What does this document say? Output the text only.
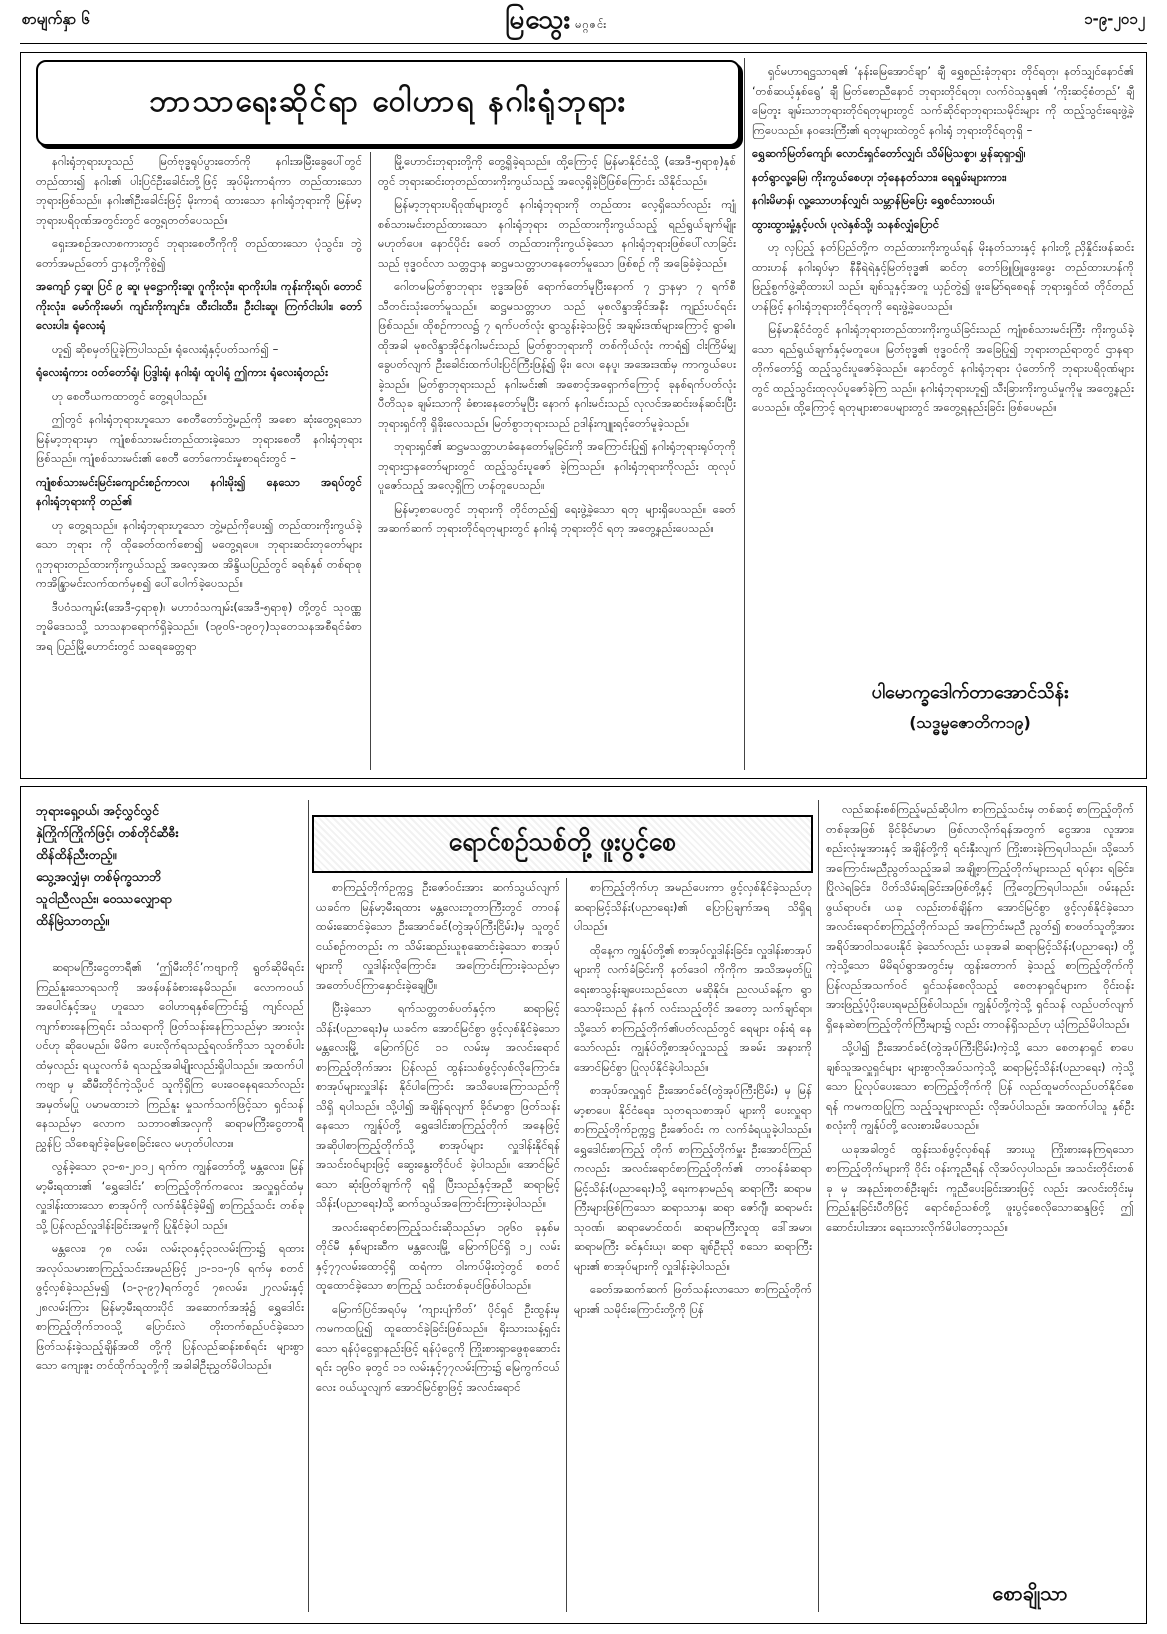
စာမျက်နှာ ၆	မြသွေး မဂ္ဂဇင်း	၁-၉-၂၀၁၂
ဘာသာရေးဆိုင်ရာ ဝေါဟာရ နဂါးရုံဘုရား

နဂါးရုံဘုရားဟူသည် မြတ်ဗုဒ္ဓရုပ်ပွားတော်ကို နဂါးအမြီးခွေပေါ်တွင်တည်ထား၍ နဂါး၏ ပါးပြင်ဦးခေါင်းတို့ဖြင့် အုပ်မိုးကာရံကာ တည်ထားသောဘုရားဖြစ်သည်။ နဂါး၏ဦးခေါင်းဖြင့် မိုးကာရံ ထားသော နဂါးရုံဘုရားကို မြန်မာ့ဘုရားပရိဝုဏ်အတွင်းတွင် တွေ့ရတတ်ပေသည်။

ရှေးအစဉ်အလာစကားတွင် ဘုရားစေတီကိုကို တည်ထားသော ပုံသွင်း၊ ဘွဲ့တော်အမည်တော် ဌာနတို့ကိုစွဲ၍

အကျော် ၄ဆူ၊ ပြင် ၉ ဆူ၊ မုဋ္ဌောကိုးဆူ၊ ဂူကိုးလုံး၊ ရာကိုးပါး၊ ကုန်းကိုးရပ်၊ တောင်ကိုးလုံး၊ မော်ကိုးမော်၊ ကျင်းကိုးကျင်း၊ ထီးငါးထီး၊ ဦးငါးဆူ၊ ကြက်ငါးပါး၊ တော်လေးပါး၊ ရုံလေးရုံ

ဟူ၍ ဆိုစမှတ်ပြုခဲ့ကြပါသည်။ ရုံလေးရုံနှင့်ပတ်သက်၍ –

ရုံလေးရုံကား ဝတ်တော်ရုံ၊ ပြဒ္ဒါးရုံ၊ နဂါးရုံ၊ ထူပါရုံ ဤကား ရုံလေးရုံတည်း

ဟု စေတီယကထာတွင် တွေ့ရပါသည်။

ဤတွင် နဂါးရုံဘုရားဟူသော စေတီတော်ဘွဲ့မည်ကို အစော ဆုံးတွေ့ရသော မြန်မာ့ဘုရားမှာ ကျုံစစ်သားမင်းတည်ထားခဲ့သော ဘုရားစေတီ နဂါးရုံဘုရားဖြစ်သည်။ ကျုံစစ်သားမင်း၏ စေတီ တော်ကောင်းမှုစာရင်းတွင် –

ကျုံစစ်သားမင်းမြင်းကျောင်းစဉ်ကာလ၊ နဂါးမိုး၍ နေသော အရပ်တွင် နဂါးရုံဘုရားကို တည်၏

ဟု တွေ့ရသည်။ နဂါးရုံဘုရားဟူသော ဘွဲ့မည်ကိုပေး၍ တည်ထားကိုးကွယ်ခဲ့သော ဘုရား ကို ထိုခေတ်ထက်စော၍ မတွေ့ရပေ။ ဘုရားဆင်းတုတော်များ ဂူဘုရားတည်ထားကိုးကွယ်သည့် အလေ့အထ အိန္ဒိယပြည်တွင် ခရစ်နှစ် တစ်ရာစု ကအိန္ဒြာမင်းလက်ထက်မှစ၍ ပေါ်ပေါက်ခဲ့ပေသည်။

ဒီပဝံသကျမ်း(အေဒီ-၄ရာစု)၊ မဟာဝံသကျမ်း(အေဒီ-၅ရာစု) တို့တွင် သုဝဏ္ဏဘူမိဒေသသို့ သာသနာရောက်ရှိခဲ့သည်။ (၁၉၀၆-၁၉၀၇)သုတေသနအစီရင်ခံစာအရ ပြည်မြို့ဟောင်းတွင် သရေခေတ္တရာ

မြို့ဟောင်းဘုရားတို့ကို တွေ့ရှိခဲ့ရသည်။ ထို့ကြောင့် မြန်မာနိုင်ငံသို့ (အေဒီ-၅ရာစု)နှစ်တွင် ဘုရားဆင်းတုတည်ထားကိုးကွယ်သည့် အလေ့ရှိခဲ့ပြီဖြစ်ကြောင်း သိနိုင်သည်။

မြန်မာ့ဘုရားပရိဝုဏ်များတွင် နဂါးရုံဘုရားကို တည်ထား လေ့ရှိသော်လည်း ကျုံစစ်သားမင်းတည်ထားသော နဂါးရုံဘုရား တည်ထားကိုးကွယ်သည့် ရည်ရွယ်ချက်မျိုးမဟုတ်ပေ။ နောင်ပိုင်း ခေတ် တည်ထားကိုးကွယ်ခဲ့သော နဂါးရုံဘုရားဖြစ်ပေါ်လာခြင်း သည် ဗုဒ္ဓဝင်လာ သတ္တဌာန ဆဋ္ဌမသတ္တာဟနေတော်မူသော ဖြစ်စဉ် ကို အခြေခံခဲ့သည်။

ဂေါတမမြတ်စွာဘုရား ဗုဒ္ဓအဖြစ် ရောက်တော်မူပြီးနောက် ၇ ဌာနမှာ ၇ ရက်စီ သီတင်းသုံးတော်မူသည်။ ဆဋ္ဌမသတ္တာဟ သည် မုစလိန္ဒာအိုင်အနီး ကျည်းပင်ရင်းဖြစ်သည်။ ထိုစဉ်ကာလ၌ ၇ ရက်ပတ်လုံး ရွာသွန်းခဲ့သဖြင့် အချမ်းဒဏ်များကြောင့် ရွာဓါ။ ထိုအခါ မုစလိန္ဒာအိုင်နဂါးမင်းသည် မြတ်စွာဘုရားကို တစ်ကိုယ်လုံး ကာရံ၍ ငါးကြိမ်မျှ ခွေပတ်လျက် ဦးခေါင်းထက်ပါးပြင်ကြီးဖြန့်၍ မိုး၊ လေ၊ နေပူ၊ အအေးဒဏ်မှ ကာကွယ်ပေးခဲ့သည်။ မြတ်စွာဘုရားသည် နဂါးမင်း၏ အစောင့်အရှောက်ကြောင့် ခုနစ်ရက်ပတ်လုံး ပီတိသုခ ချမ်းသာကို ခံစားနေတော်မူပြီး နောက် နဂါးမင်းသည် လုလင်အဆင်းဖန်ဆင်းပြီး ဘုရားရှင်ကို ရှိခိုးလေသည်။ မြတ်စွာဘုရားသည် ဥဒါန်းကျူးရင့်တော်မူခဲ့သည်။

ဘုရားရှင်၏ ဆဋ္ဌမသတ္တာဟခံနေတော်မူခြင်းကို အကြောင်းပြု၍ နဂါးရုံဘုရားရုပ်တုကို ဘုရားဌာနတော်များတွင် ထည့်သွင်းပူဇော် ခဲ့ကြသည်။ နဂါးရုံဘုရားကိုလည်း ထုလုပ်ပူဇော်သည့် အလေ့ရှိကြ ဟန်တူပေသည်။

မြန်မာ့စာပေတွင် ဘုရားကို တိုင်တည်၍ ရေးဖွဲ့ခဲ့သော ရတု များရှိပေသည်။ ခေတ်အဆက်ဆက် ဘုရားတိုင်ရတုများတွင် နဂါးရုံ ဘုရားတိုင် ရတု အတွေ့နည်းပေသည်။

ရှင်မဟာရဋ္ဌသာရ၏ ‘နန်းမြေအောင်ချာ’ ချီ ရွှေစည်းခုံဘုရား တိုင်ရတု၊ နတ်သျှင်နောင်၏ ‘တစ်ဆယ့်နှစ်ရွေ’ ချီ မြတ်စောညီနောင် ဘုရားတိုင်ရတု၊ လက်ဝဲသုန္ဒရ၏ ‘ကိုးဆင့်စံတည်’ ချီ မြေတူး ချမ်းသာဘုရားတိုင်ရတုများတွင် သက်ဆိုင်ရာဘုရားသမိုင်းများ ကို ထည့်သွင်းရေးဖွဲ့ခဲ့ကြပေသည်။ နဝဒေးကြီး၏ ရတုများထဲတွင် နဂါးရုံ ဘုရားတိုင်ရတုရှိ –

ရွှေဆက်မြတ်ကျော်၊ လောင်းရှင်တော်လျှင်၊ သိမ်မြဲသစ္စာ၊ မွှန်ဆုရှာ၍၊

နတ်ရွာလူ့မြေ၊ ကိုးကွယ်စေဟု၊ ဘုံနေနတ်သား၊ ရေရှုမ်းများကား၊

နဂါးမိမာန်၊ လူ့သောဟန်လျှင်၊ သမ္ဘာန်မြပြေး ရွှေစင်သားဝယ်၊

ထွားထွားမှုံ့နှင့်ပလ်၊ ပုလဲနှစ်သို့၊ သနစ်လျှံပြောင်

ဟု လှပြည့် နတ်ပြည်တို့က တည်ထားကိုးကွယ်ရန် မိုးနတ်သားနှင့် နဂါးတို့ ညှိနှိုင်းဖန်ဆင်းထားဟန် နဂါးရုပ်မှာ နီနီရဲရဲနှင့်မြတ်ဗုဒ္ဓ၏ ဆင်တု တော်ဖြူဖြူဖွေးဖွေး တည်ထားဟန်ကို ဖြည့်စွက်ဖွဲ့ဆိုထားပါ သည်။ ချစ်သူနှင့်အတူ ယှဉ်တွဲ၍ ဖူးမြော်ရစေရန် ဘုရားရှင်ထံ တိုင်တည် ဟန်ဖြင့် နဂါးရုံဘုရားတိုင်ရတုကို ရေးဖွဲ့ခဲ့ပေသည်။

မြန်မာနိုင်ငံတွင် နဂါးရုံဘုရားတည်ထားကိုးကွယ်ခြင်းသည် ကျုံစစ်သားမင်းကြီး ကိုးကွယ်ခဲ့သော ရည်ရွယ်ချက်နှင့်မတူပေ။ မြတ်ဗုဒ္ဓ၏ ဗုဒ္ဓဝင်ကို အခြေပြု၍ ဘုရားတည်ရာတွင် ဌာနရာ တိုက်တော်၌ ထည့်သွင်းပူဇော်ခဲ့သည်။ နောင်တွင် နဂါးရုံဘုရား ပုံတော်ကို ဘုရားပရိဝုဏ်များတွင် ထည့်သွင်းထုလုပ်ပူဇော်ခဲ့ကြ သည်။ နဂါးရုံဘုရားဟူ၍ သီးခြားကိုးကွယ်မှုကိုမူ အတွေ့နည်း ပေသည်။ ထို့ကြောင့် ရတုများစာပေများတွင် အတွေ့ရနည်းခြင်း ဖြစ်ပေမည်။

ပါမောက္ခဒေါက်တာအောင်သိန်း
(သဒ္ဓမ္မဇောတိက၁၉)
ရောင်စဉ်သစ်တို့ ဖူးပွင့်စေ
ဘုရားရှေ့ဝယ်၊ အင့်လွှင်လွှင်
နှဲကြိုက်ကြိုက်ဖြင့်၊ တစ်တိုင်ဆီဓီး
ထိန်ထိန်ညီးတည့်။
သွေ့အလျှံမှ၊ တစ်မ်ုက္ခသာဘိ
သူငါညီလည်း၊ ဝေဿလျှောရာ
ထိန်မြဲသာတည့်။

ဆရာမကြီးငွေတာရီ၏ ‘ဤမီးတိုင်’ကဗျာကို ရွတ်ဆိုမိရင်း ကြည်နူးသောရသကို အဖန်ဖန်ခံစားနေမိသည်။ လောကဝယ် အပေါင်နှင့်အပူ ဟူသော ဝေါဟာရနှစ်ကြောင်း၌ ကျင်လည်ကျက်စားနေကြရင်း သံသရာကို ဖြတ်သန်းနေကြသည်မှာ အားလုံးပင်ဟု ဆိုပေမည်။ မိမိက ပေးလိုက်ရသည့်ရလဒ်ကိုသာ သူတစ်ပါးထံမှလည်း ရယူလက်ခံ ရသည့်အခါမျိုးလည်းရှိပါသည်။ အထက်ပါကဗျာ မှ ဆီမီးတိုင်ကဲ့သို့ပင် သူကိုရှိကြ ပေးဝေနေရသော်လည်း အမှတ်မပြု ပမာမထားဘဲ ကြည်နူး မှုသက်သက်ဖြင့်သာ ရှင်သန်နေသည်မှာ လောက သဘာဝ၏အလှကို ဆရာမကြီးငွေတာရီ ညွှန်ပြ သိစေချင်ခဲ့မြေစေခြင်းလေ မဟုတ်ပါလား။

လွန်ခဲ့သော ၃၁-၈-၂၀၁၂ ရက်က ကျွန်တော်တို့ မန္တလေး၊ မြန်မာ့မီးရထား၏ ‘ရွှေဒေါင်း’ စာကြည့်တိုက်ကလေး အလှူရှင်ထံမှ လှူဒါန်းထားသော စာအုပ်ကို လက်ခံနိုင်ခဲ့မိ၍ စာကြည့်သင်း တစ်ခုသို့ ပြန်လည်လှူဒါန်းခြင်းအမှုကို ပြုနိုင်ခဲ့ပါ သည်။

မန္တလေး၊ ၇၈ လမ်း၊ လမ်း၃၀နှင့်၃၁လမ်းကြား၌ ရထားအလုပ်သမားစာကြည့်သင်းအမည်ဖြင့် ၂၁-၁၁-၇၆ ရက်မှ စတင်ဖွင့်လှစ်ခဲ့သည်မှ၍ (၁-၃-၉၇)ရက်တွင် ၇၈လမ်း၊ ၂၇လမ်းနှင့် ၂၈လမ်းကြား မြန်မာ့မီးရထားပိုင် အဆောက်အအုံ၌ ရွှေဒေါင်းစာကြည့်တိုက်ဘဝသို့ ပြောင်းလဲ တိုးတက်စည်ပင်ခဲ့သော ဖြတ်သန်းခဲ့သည့်ချိန်အထိ တို့ကို ပြန်လည်ဆန်းစစ်ရင်း များစွာသော ကျေးဇူး တင်ထိုက်သူတို့ကို အခါခါဦးညွှတ်မိပါသည်။

စာကြည့်တိုက်ဥက္ကဋ္ဌ ဦးဇော်ဝင်းအား ဆက်သွယ်လျက် ယခင်က မြန်မာ့မီးရထား မန္တလေးဘူတာကြီးတွင် တာဝန်ထမ်းဆောင်ခဲ့သော ဦးအောင်ခင်(တွဲအုပ်ကြီးငြိမ်း)မှ သူတွင် ငယ်စဉ်ကတည်း က သိမ်းဆည်းယူစုဆောင်းခဲ့သော စာအုပ်များကို လှူဒါန်းလိုကြောင်း၊ အကြောင်းကြားခဲ့သည်မှာ အတော်ပင်ကြာနှောင်းခဲ့ချေပြီ။

ပြီးခဲ့သော ရက်သတ္တတစ်ပတ်နှင့်က ဆရာမြင့်သိန်း(ပညာရေး)မှ ယခင်က အောင်မြင်စွာ ဖွင့်လှစ်နိုင်ခဲ့သော မန္တလေးမြို့ မြောက်ပြင် ၁၁ လမ်းမှ အလင်းရောင်စာကြည့်တိုက်အား ပြန်လည် ထွန်းသစ်ဖွင့်လှစ်လိုကြောင်း၊ စာအုပ်များလှူဒါန်း နိုင်ပါကြောင်း အသိပေးကြောသည်ကို သိရှိ ရပါသည်။ သို့ပါ၍ အချိန်ရလျက် ခိုင်မာစွာ ဖြတ်သန်းနေသော ကျွန်ုပ်တို့ ရွှေဒေါင်းစာကြည့်တိုက် အနေဖြင့် အဆိုပါစာကြည့်တိုက်သို့ စာအုပ်များ လှူဒါန်းနိုင်ရန် အသင်းဝင်များဖြင့် ဆွေးနွေးတိုင်ပင် ခဲ့ပါသည်။ အောင်မြင်သော ဆုံးဖြတ်ချက်ကို ရရှိ ပြီးသည်နှင့်အညီ ဆရာမြင့်သိန်း(ပညာရေး)သို့ ဆက်သွယ်အကြောင်းကြားခဲ့ပါသည်။

အလင်းရောင်စာကြည့်သင်းဆိုသည်မှာ ၁၉၆၀ ခုနှစ်မတိုင်မီ နှစ်များဆီက မန္တလေးမြို့ မြောက်ပြင်ရှိ ၁၂ လမ်းနှင့်၇၇လမ်းထောင့်ရှိ ထရံကာ ဝါးကပ်မိုးတဲ့တွင် စတင်ထူထောင်ခဲ့သော စာကြည့် သင်းတစ်ခုပင်ဖြစ်ပါသည်။

မြောက်ပြင်အရပ်မှ ‘ကျားပျံကိတ်’ ပိုင်ရှင် ဦးထွန်းမှ ကမကထပြု၍ ထူထောင်ခဲ့ခြင်းဖြစ်သည်။ ရိုးသားသန့်ရှင်းသော ရန်ပုံငွေရှာနည်းဖြင့် ရန်ပုံငွေကို ကြိုးစားရှာဖွေစုဆောင်းရင်း ၁၉၆၀ ခုတွင် ၁၁ လမ်းနှင့်၇၇လမ်းကြား၌ မြေကွက်ငယ်လေး ဝယ်ယူလျက် အောင်မြင်စွာဖြင့် အလင်းရောင်

စာကြည့်တိုက်ဟု အမည်ပေးကာ ဖွင့်လှစ်နိုင်ခဲ့သည်ဟု ဆရာမြင့်သိန်း(ပညာရေး)၏ ပြောပြချက်အရ သိရှိရပါသည်။

ထိုနေ့က ကျွန်ုပ်တို့၏ စာအုပ်လှူဒါန်းခြင်း၊ လှူဒါန်းစာအုပ်များကို လက်ခံခြင်းကို နတ်ဒေဝါ ကိုကိုက အသိအမှတ်ပြု ရေးစာသွန်းချပေးသည်လော မဆိုနိုင်။ ညလယ်ခန့်က ရွာသောမိုးသည် နံနက် လင်းသည့်တိုင် အတော့ သက်ချင်ရာ၊ သို့သော် စာကြည့်တိုက်၏ပတ်လည်တွင် ရေများ ဝန်းရံ နေသော်လည်း ကျွန်ုပ်တို့စာအုပ်လှူသည့် အခမ်း အနားကို အောင်မြင်စွာ ပြုလုပ်နိုင်ခဲ့ပါသည်။

စာအုပ်အလှူရှင် ဦးအောင်ခင်(တွဲအုပ်ကြီးငြိမ်း) မှ မြန်မာ့စာပေ၊ နိုင်ငံရေး၊ သုတရသစာအုပ် များကို ပေးလှူရာ စာကြည့်တိုက်ဥက္ကဋ္ဌ ဦးဇော်ဝင်း က လက်ခံရယူခဲ့ပါသည်။ ရွှေဒေါင်းစာကြည့် တိုက် စာကြည့်တိုက်မှူး ဦးအောင်ကြည်ကလည်း အလင်းရောင်စာကြည့်တိုက်၏ တာဝန်ခံဆရာ မြင့်သိန်း(ပညာရေး)သို့ ရေးကနာမည်ရ ဆရာကြီး ဆရာမကြီးများဖြစ်ကြသော ဆရာသာနှ၊ ဆရာ ဇော်ဂျီ၊ ဆရာမင်းသုဝဏ်၊ ဆရာမောင်ထင်၊ ဆရာမကြီးလူထု ဒေါ်အမာ၊ ဆရာမကြီး ခင်နှင်းယု၊ ဆရာ ချစ်ဦးညို စသော ဆရာကြီးများ၏ စာအုပ်များကို လှူဒါန်းခဲ့ပါသည်။

ခေတ်အဆက်ဆက် ဖြတ်သန်းလာသော စာကြည့်တိုက်များ၏ သမိုင်းကြောင်းတို့ကို ပြန်

လည်ဆန်းစစ်ကြည့်မည်ဆိုပါက စာကြည့်သင်းမှ တစ်ဆင့် စာကြည့်တိုက်တစ်ခုအဖြစ် ခိုင်ခိုင်မာမာ ဖြစ်လာလိုက်ရန်အတွက် ငွေအား၊ လူအား၊ စည်းလုံးမှုအားနှင့် အချိန်တို့ကို ရင်းနှီးလျက် ကြိုးစားခဲ့ကြရပါသည်။ သို့သော် အကြောင်းမညီညွတ်သည့်အခါ အချို့စာကြည့်တိုက်များသည် ရပ်နား ရခြင်း၊ ပြိုလဲရခြင်း၊ ပိတ်သိမ်းရခြင်းအဖြစ်တို့နှင့် ကြုံတွေ့ကြရပါသည်။ ဝမ်းနည်းဖွယ်ရာပင်။ ယခု လည်းတစ်ချိန်က အောင်မြင်စွာ ဖွင့်လှစ်နိုင်ခဲ့သော အလင်းရောင်စာကြည့်တိုက်သည် အကြောင်းမညီ ညွတ်၍ စာဖတ်သူတို့အား အရိပ်အာဝါသပေးနိုင် ခဲ့သော်လည်း ယခုအခါ ဆရာမြင့်သိန်း(ပညာရေး) တို့ကဲ့သို့သော မိမိရပ်ရွာအတွင်းမှ ထွန်းတောက် ခဲ့သည့် စာကြည့်တိုက်ကို ပြန်လည်အသက်ဝင် ရှင်သန်စေလိုသည့် စေတနာရှင်များက ဝိုင်းဝန်း အားဖြည့်ပံ့ပိုးပေးရမည်ဖြစ်ပါသည်။ ကျွန်ုပ်တို့ကဲ့သို့ ရှင်သန် လည်ပတ်လျက်ရှိနေဆဲစာကြည့်တိုက်ကြီးများ၌ လည်း တာဝန်ရှိသည်ဟု ယုံကြည်မိပါသည်။

သို့ပါ၍ ဦးအောင်ခင်(တွဲအုပ်ကြီးငြိမ်း)ကဲ့သို့ သော စေတနာရှင် စာပေချစ်သူအလှူရှင်များ များစွာလိုအပ်သကဲ့သို့ ဆရာမြင့်သိန်း(ပညာရေး) ကဲ့သို့သော ပြုလုပ်ပေးသော စာကြည့်တိုက်ကို ပြန် လည်ထူမတ်လည်ပတ်နိုင်စေရန် ကမကထပြုကြ သည့်သူများလည်း လိုအပ်ပါသည်။ အထက်ပါသူ နှစ်ဦးစလုံးကို ကျွန်ုပ်တို့ လေးစားမိပေသည်။

ယခုအခါတွင် ထွန်းသစ်ဖွင့်လှစ်ရန် အားယူ ကြိုးစားနေကြရသော စာကြည့်တိုက်များကို ဝိုင်း ဝန်းကူညီရန် လိုအပ်လှပါသည်။ အသင်းတိုင်းတစ်ခု မှ အနည်းစုတစ်ဦးချင်း ကူညီပေးခြင်းအားဖြင့် လည်း အလင်းတိုင်းမှ ကြည်နူးခြင်းပီတိဖြင့် ရောင်စဉ်သစ်တို့ ဖူးပွင့်စေလိုသောဆန္ဒဖြင့် ဤ ဆောင်းပါးအား ရေးသားလိုက်မိပါတော့သည်။

စောချိုသာ
